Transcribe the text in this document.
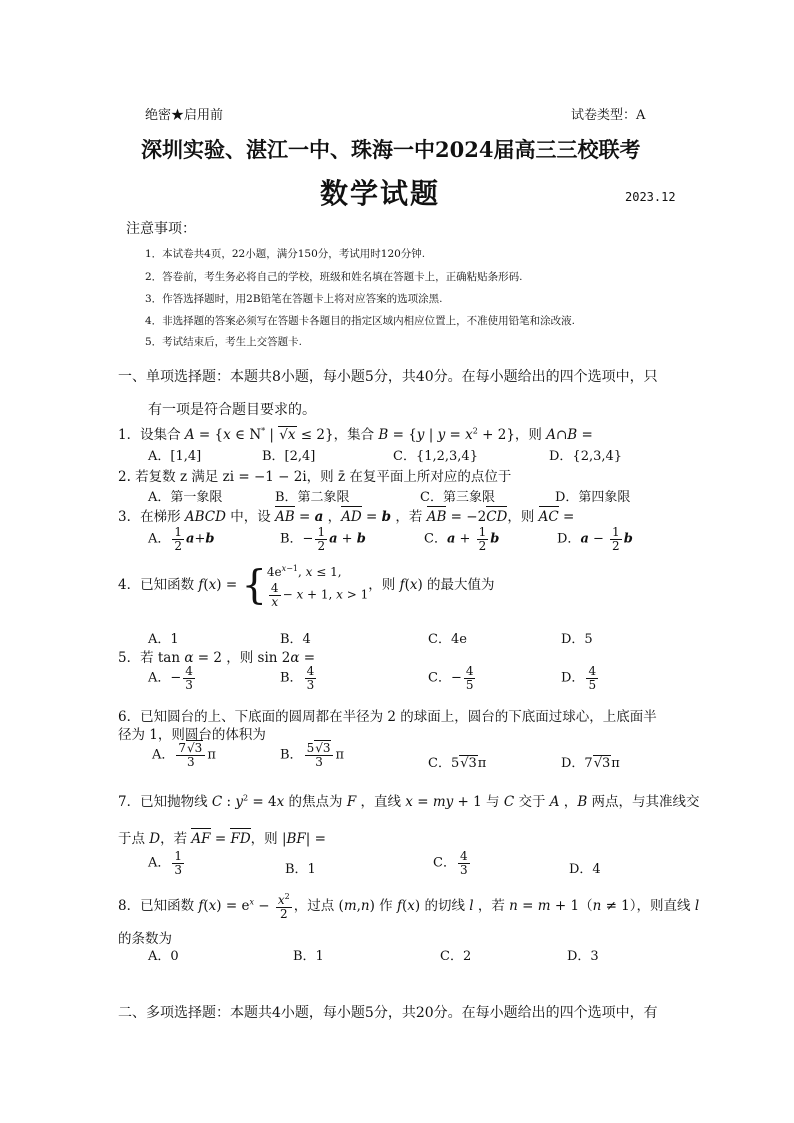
绝密★启用前	试卷类型：A
深圳实验、湛江一中、珠海一中2024届高三三校联考
数学试题	2023.12
注意事项：
1．本试卷共4页，22小题，满分150分，考试用时120分钟.
2．答卷前，考生务必将自己的学校，班级和姓名填在答题卡上，正确粘贴条形码.
3．作答选择题时，用2B铅笔在答题卡上将对应答案的选项涂黑.
4．非选择题的答案必须写在答题卡各题目的指定区域内相应位置上，不准使用铅笔和涂改液.
5．考试结束后，考生上交答题卡.
一、单项选择题：本题共8小题，每小题5分，共40分。在每小题给出的四个选项中，只
有一项是符合题目要求的。
1．设集合 A = {x ∈ N* | √x ≤ 2}，集合 B = {y | $y = x^2 + 2$}，则 A∩B =
A．[1,4]	B．[2,4]	C．{1,2,3,4}	D．{2,3,4}
2. 若复数 z 满足 zi = −1 − 2i，则 z̄ 在复平面上所对应的点位于
A．第一象限	B．第二象限	C．第三象限	D．第四象限
3．在梯形 ABCD 中，设 AB = a ，AD = b ，若 AB = −2CD，则 AC =
A． $\frac{1}{2} a+b$	B．− $\frac{1}{2}$ a + b	C．$a + \frac{1}{2}$ b	D．$a - \frac{1}{2}$ b
4．已知函数 f(x) = { $4e^{x-1}$, x ≤ 1,
$\frac{4}{x} - x + 1$, x > 1
，则 f(x) 的最大值为
A．1	B．4	C．4e	D．5
5．若 tan α = 2 ，则 sin 2α =
A．− $\frac{4}{3}$	B． $\frac{4}{3}$	C．− $\frac{4}{5}$	D． $\frac{4}{5}$
6．已知圆台的上、下底面的圆周都在半径为 2 的球面上，圆台的下底面过球心，上底面半
径为 1，则圆台的体积为
A． $\frac{7√3}{3}$ π	B． $\frac{5√3}{3}$ π
C．5√3π	D．7√3π
7．已知抛物线 C : $y^2 = 4x$ 的焦点为 F ，直线 x = my + 1 与 C 交于 A ，B 两点，与其准线交
于点 D，若 AF = FD，则 |BF| =
A． $\frac{1}{3}$	B．1	C． $\frac{4}{3}$	D．4
8．已知函数 $f(x) = e^x - \frac{x^2}{2}$ ，过点 (m,n) 作 f(x) 的切线 l ，若 n = m + 1（n ≠ 1），则直线 l
的条数为
A．0	B．1	C．2	D．3
二、多项选择题：本题共4小题，每小题5分，共20分。在每小题给出的四个选项中，有
